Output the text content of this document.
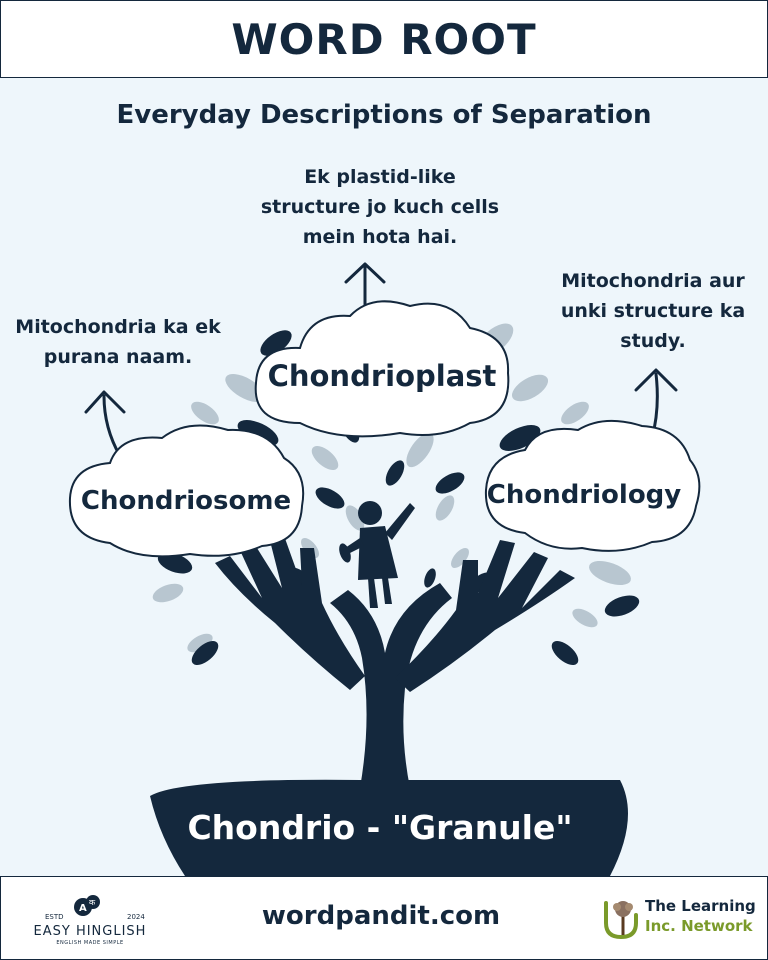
WORD ROOT
Everyday Descriptions of Separation
Ek plastid-like
structure jo kuch cells
mein hota hai.
Mitochondria ka ek
purana naam.
Mitochondria aur
unki structure ka
study.
Chondrioplast
Chondriosome	Chondriology
Chondrio - "Granule"
A
क
ESTD	2024
EASY HINGLISH
ENGLISH MADE SIMPLE
wordpandit.com	The Learning
Inc. Network
